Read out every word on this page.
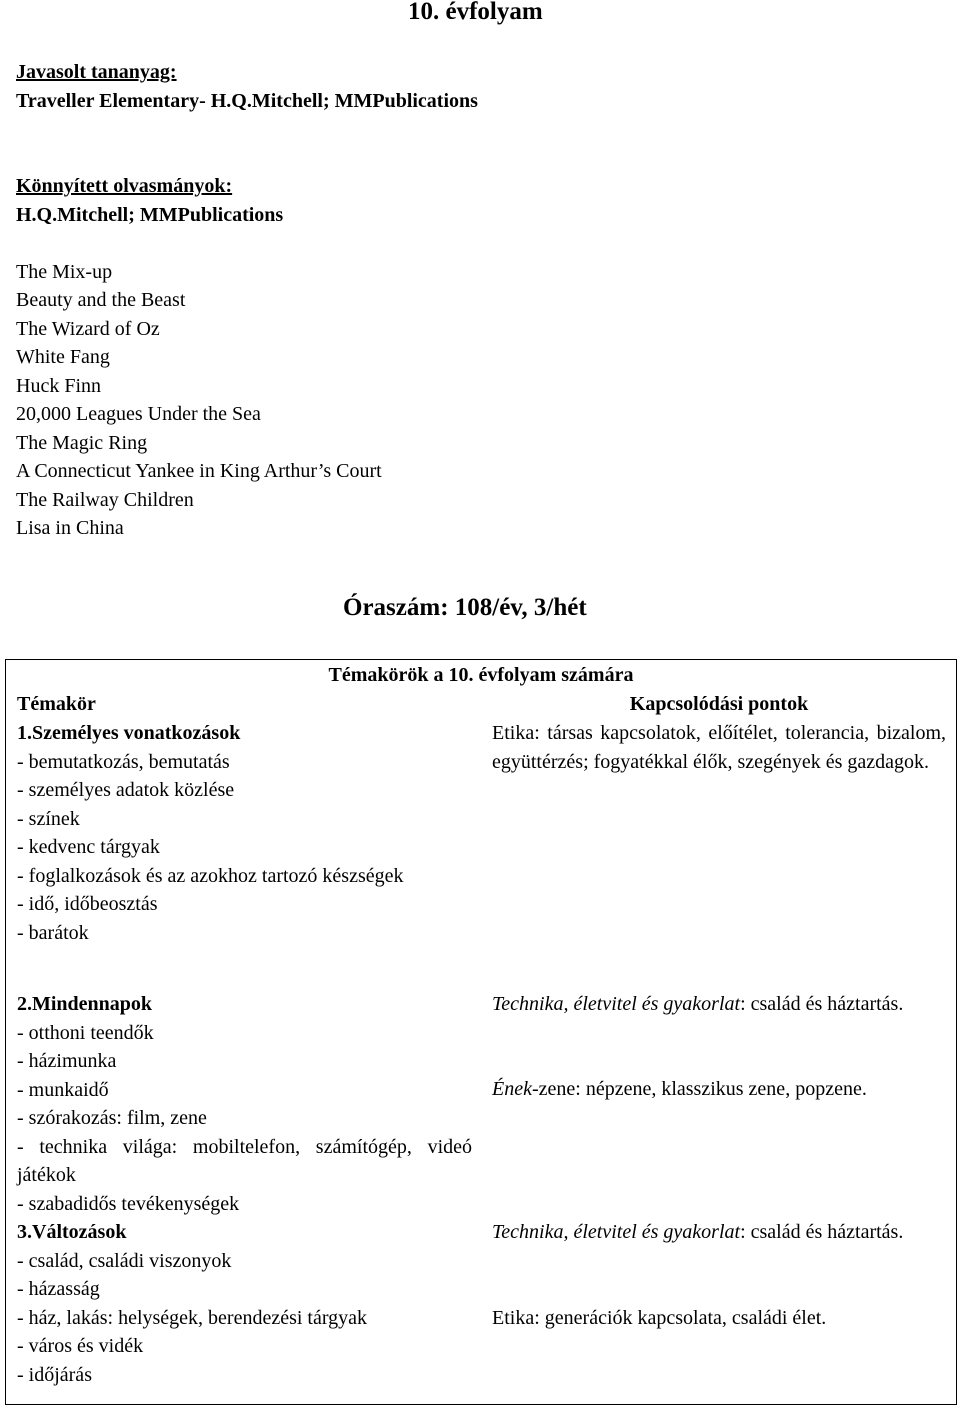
10. évfolyam
Javasolt tananyag:
Traveller Elementary- H.Q.Mitchell; MMPublications
Könnyített olvasmányok:
H.Q.Mitchell; MMPublications
The Mix-up
Beauty and the Beast
The Wizard of Oz
White Fang
Huck Finn
20,000 Leagues Under the Sea
The Magic Ring
A Connecticut Yankee in King Arthur’s Court
The Railway Children
Lisa in China
Óraszám: 108/év, 3/hét
Témakörök a 10. évfolyam számára
Témakör
1.Személyes vonatkozások
- bemutatkozás, bemutatás
- személyes adatok közlése
- színek
- kedvenc tárgyak
- foglalkozások és az azokhoz tartozó készségek
- idő, időbeosztás
- barátok
2.Mindennapok
- otthoni teendők
- házimunka
- munkaidő
- szórakozás: film, zene
- technika világa: mobiltelefon, számítógép, videó játékok
- szabadidős tevékenységek
3.Változások
- család, családi viszonyok
- házasság
- ház, lakás: helységek, berendezési tárgyak
- város és vidék
- időjárás
Kapcsolódási pontok
Etika: társas kapcsolatok, előítélet, tolerancia, bizalom, együttérzés; fogyatékkal élők, szegények és gazdagok.
Technika, életvitel és gyakorlat: család és háztartás.
Ének-zene: népzene, klasszikus zene, popzene.
Technika, életvitel és gyakorlat: család és háztartás.
Etika: generációk kapcsolata, családi élet.
